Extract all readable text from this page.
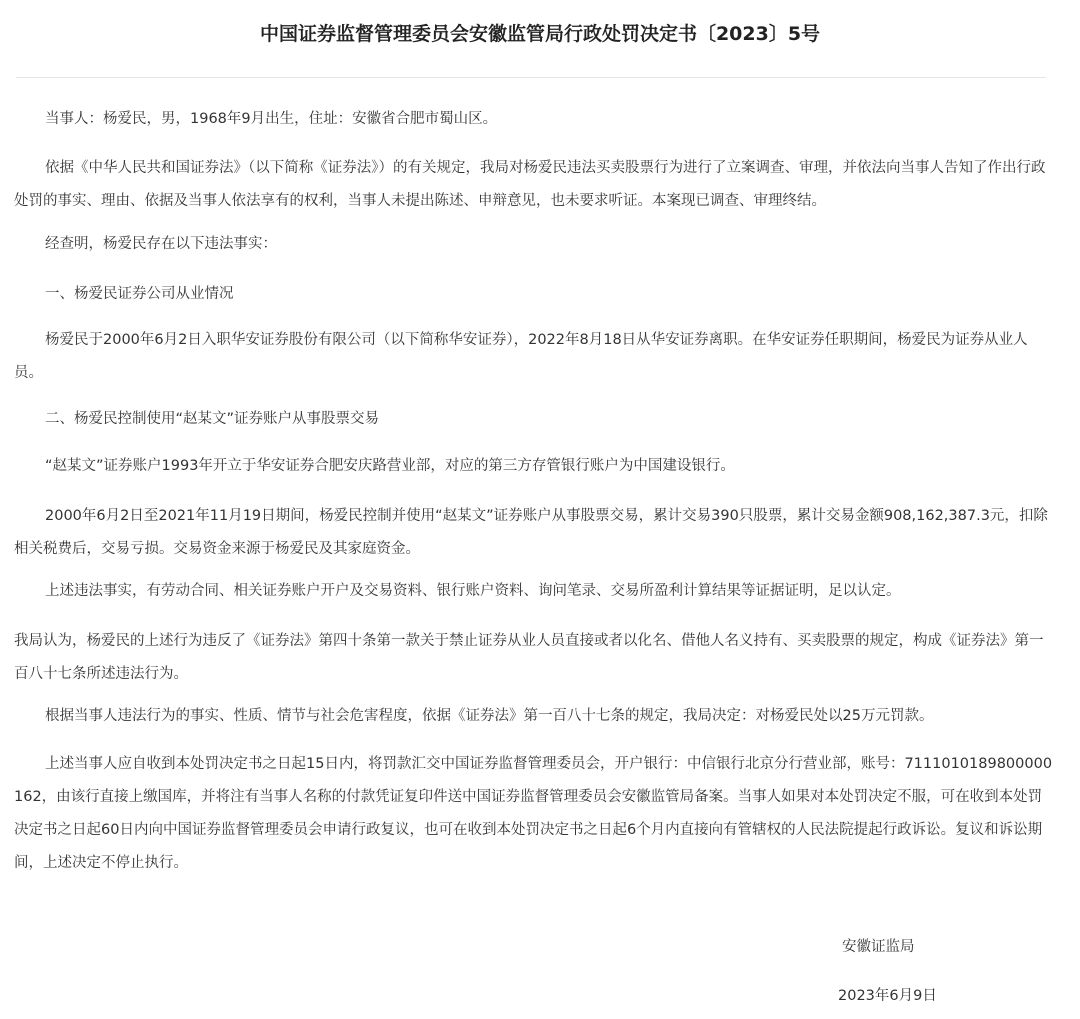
中国证券监督管理委员会安徽监管局行政处罚决定书〔2023〕5号

当事人：杨爱民，男，1968年9月出生，住址：安徽省合肥市蜀山区。

依据《中华人民共和国证券法》（以下简称《证券法》）的有关规定，我局对杨爱民违法买卖股票行为进行了立案调查、审理，并依法向当事人告知了作出行政处罚的事实、理由、依据及当事人依法享有的权利，当事人未提出陈述、申辩意见，也未要求听证。本案现已调查、审理终结。

经查明，杨爱民存在以下违法事实：

一、杨爱民证券公司从业情况

杨爱民于2000年6月2日入职华安证券股份有限公司（以下简称华安证券），2022年8月18日从华安证券离职。在华安证券任职期间，杨爱民为证券从业人员。

二、杨爱民控制使用“赵某文”证券账户从事股票交易

“赵某文”证券账户1993年开立于华安证券合肥安庆路营业部，对应的第三方存管银行账户为中国建设银行。

2000年6月2日至2021年11月19日期间，杨爱民控制并使用“赵某文”证券账户从事股票交易，累计交易390只股票，累计交易金额908,162,387.3元，扣除相关税费后，交易亏损。交易资金来源于杨爱民及其家庭资金。

上述违法事实，有劳动合同、相关证券账户开户及交易资料、银行账户资料、询问笔录、交易所盈利计算结果等证据证明，足以认定。

我局认为，杨爱民的上述行为违反了《证券法》第四十条第一款关于禁止证券从业人员直接或者以化名、借他人名义持有、买卖股票的规定，构成《证券法》第一百八十七条所述违法行为。

根据当事人违法行为的事实、性质、情节与社会危害程度，依据《证券法》第一百八十七条的规定，我局决定：对杨爱民处以25万元罚款。

上述当事人应自收到本处罚决定书之日起15日内，将罚款汇交中国证券监督管理委员会，开户银行：中信银行北京分行营业部，账号：7111010189800000162，由该行直接上缴国库，并将注有当事人名称的付款凭证复印件送中国证券监督管理委员会安徽监管局备案。当事人如果对本处罚决定不服，可在收到本处罚决定书之日起60日内向中国证券监督管理委员会申请行政复议，也可在收到本处罚决定书之日起6个月内直接向有管辖权的人民法院提起行政诉讼。复议和诉讼期间，上述决定不停止执行。

安徽证监局
2023年6月9日
